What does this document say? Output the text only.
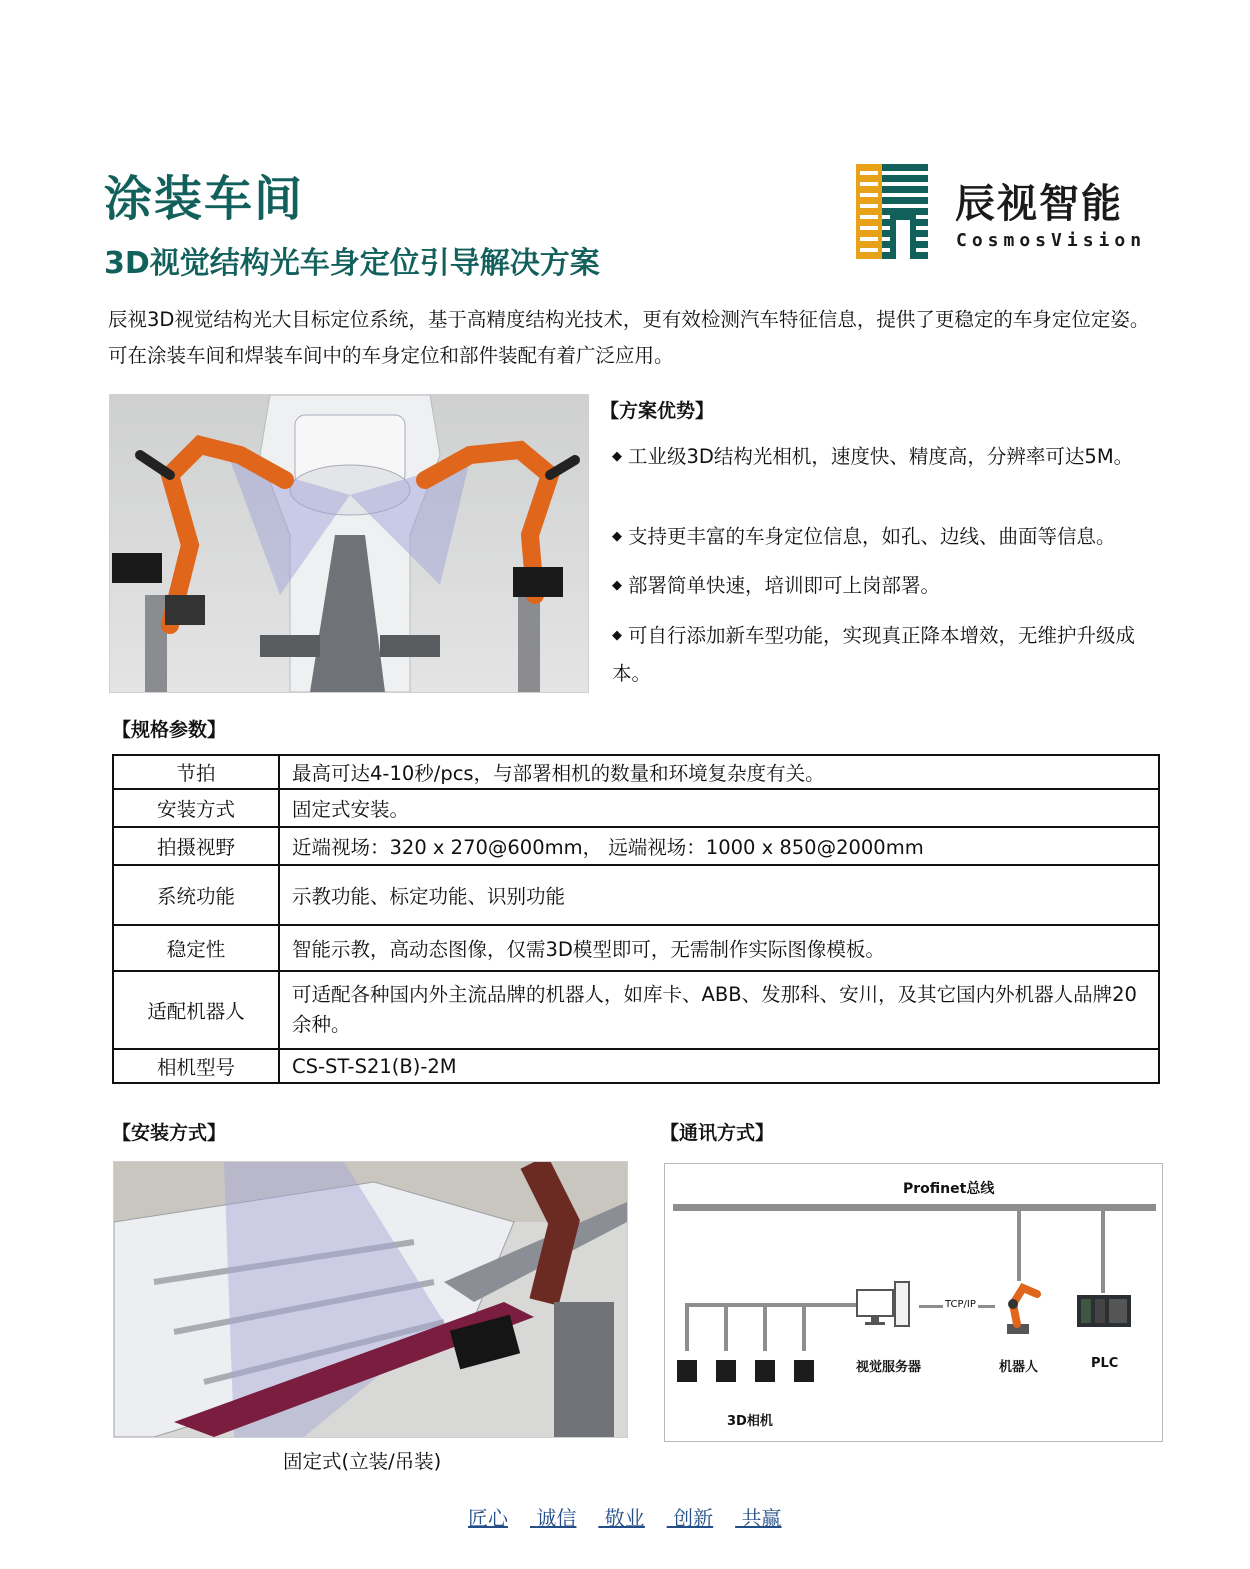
涂装车间
3D视觉结构光车身定位引导解决方案
辰视智能
CosmosVision
辰视3D视觉结构光大目标定位系统，基于高精度结构光技术，更有效检测汽车特征信息，提供了更稳定的车身定位定姿。可在涂装车间和焊装车间中的车身定位和部件装配有着广泛应用。
【方案优势】
◆ 工业级3D结构光相机，速度快、精度高，分辨率可达5M。
◆ 支持更丰富的车身定位信息，如孔、边线、曲面等信息。
◆ 部署简单快速，培训即可上岗部署。
◆ 可自行添加新车型功能，实现真正降本增效，无维护升级成本。
【规格参数】
节拍	最高可达4-10秒/pcs，与部署相机的数量和环境复杂度有关。
安装方式	固定式安装。
拍摄视野	近端视场：320 x 270@600mm， 远端视场：1000 x 850@2000mm
系统功能	示教功能、标定功能、识别功能
稳定性	智能示教，高动态图像，仅需3D模型即可，无需制作实际图像模板。
适配机器人	可适配各种国内外主流品牌的机器人，如库卡、ABB、发那科、安川，及其它国内外机器人品牌20余种。
相机型号	CS-ST-S21(B)-2M
【安装方式】
固定式(立装/吊装)
【通讯方式】
Profinet总线
3D相机
视觉服务器
TCP/IP
机器人	PLC
匠心 诚信 敬业 创新 共赢
